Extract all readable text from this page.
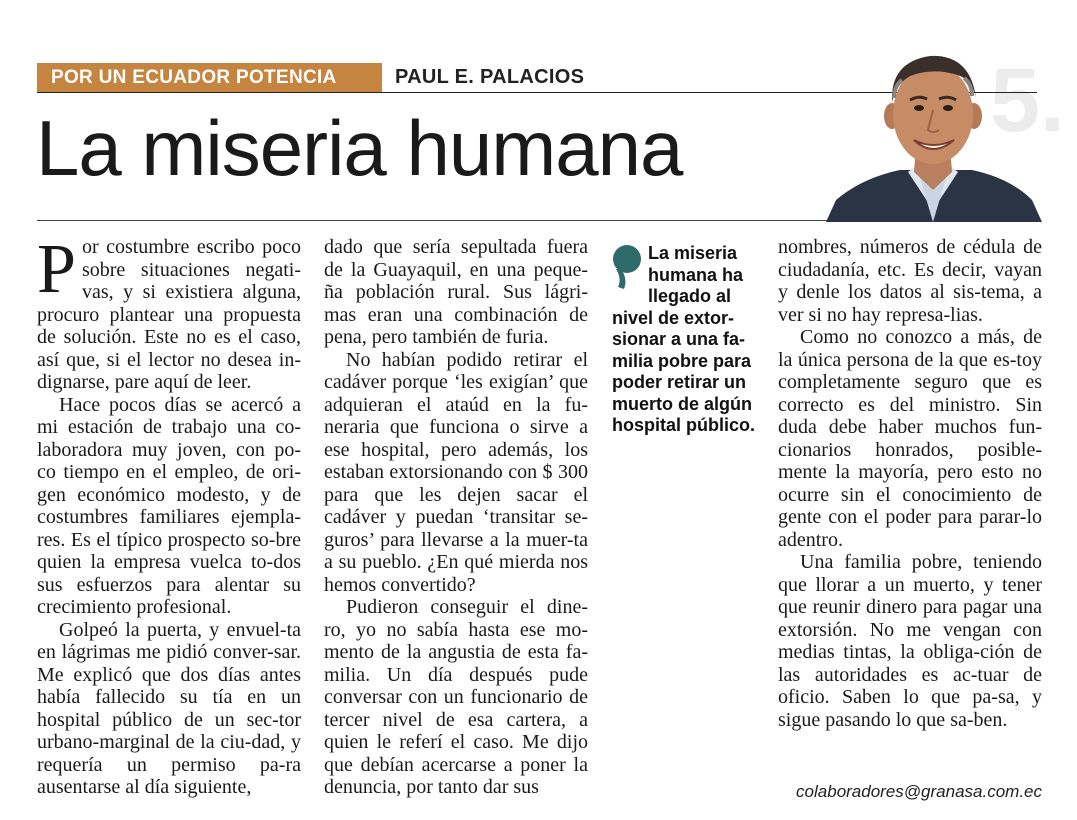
5.
POR UN ECUADOR POTENCIA	PAUL E. PALACIOS
La miseria humana

Por costumbre escribo poco sobre situaciones negati-vas, y si existiera alguna, procuro plantear una propuesta de solución. Este no es el caso, así que, si el lector no desea in-dignarse, pare aquí de leer.

Hace pocos días se acercó a mi estación de trabajo una co-laboradora muy joven, con po-co tiempo en el empleo, de ori-gen económico modesto, y de costumbres familiares ejempla-res. Es el típico prospecto so-bre quien la empresa vuelca to-dos sus esfuerzos para alentar su crecimiento profesional.

Golpeó la puerta, y envuel-ta en lágrimas me pidió conver-sar. Me explicó que dos días antes había fallecido su tía en un hospital público de un sec-tor urbano-marginal de la ciu-dad, y requería un permiso pa-ra ausentarse al día siguiente,

dado que sería sepultada fuera de la Guayaquil, en una peque-ña población rural. Sus lágri-mas eran una combinación de pena, pero también de furia.

No habían podido retirar el cadáver porque ‘les exigían’ que adquieran el ataúd en la fu-neraria que funciona o sirve a ese hospital, pero además, los estaban extorsionando con $ 300 para que les dejen sacar el cadáver y puedan ‘transitar se-guros’ para llevarse a la muer-ta a su pueblo. ¿En qué mierda nos hemos convertido?

Pudieron conseguir el dine-ro, yo no sabía hasta ese mo-mento de la angustia de esta fa-milia. Un día después pude conversar con un funcionario de tercer nivel de esa cartera, a quien le referí el caso. Me dijo que debían acercarse a poner la denuncia, por tanto dar sus

La miseria humana ha llegado al nivel de extor-sionar a una fa-milia pobre para poder retirar un muerto de algún hospital público.

nombres, números de cédula de ciudadanía, etc. Es decir, vayan y denle los datos al sis-tema, a ver si no hay represa-lias.

Como no conozco a más, de la única persona de la que es-toy completamente seguro que es correcto es del ministro. Sin duda debe haber muchos fun-cionarios honrados, posible-mente la mayoría, pero esto no ocurre sin el conocimiento de gente con el poder para parar-lo adentro.

Una familia pobre, teniendo que llorar a un muerto, y tener que reunir dinero para pagar una extorsión. No me vengan con medias tintas, la obliga-ción de las autoridades es ac-tuar de oficio. Saben lo que pa-sa, y sigue pasando lo que sa-ben.

colaboradores@granasa.com.ec
